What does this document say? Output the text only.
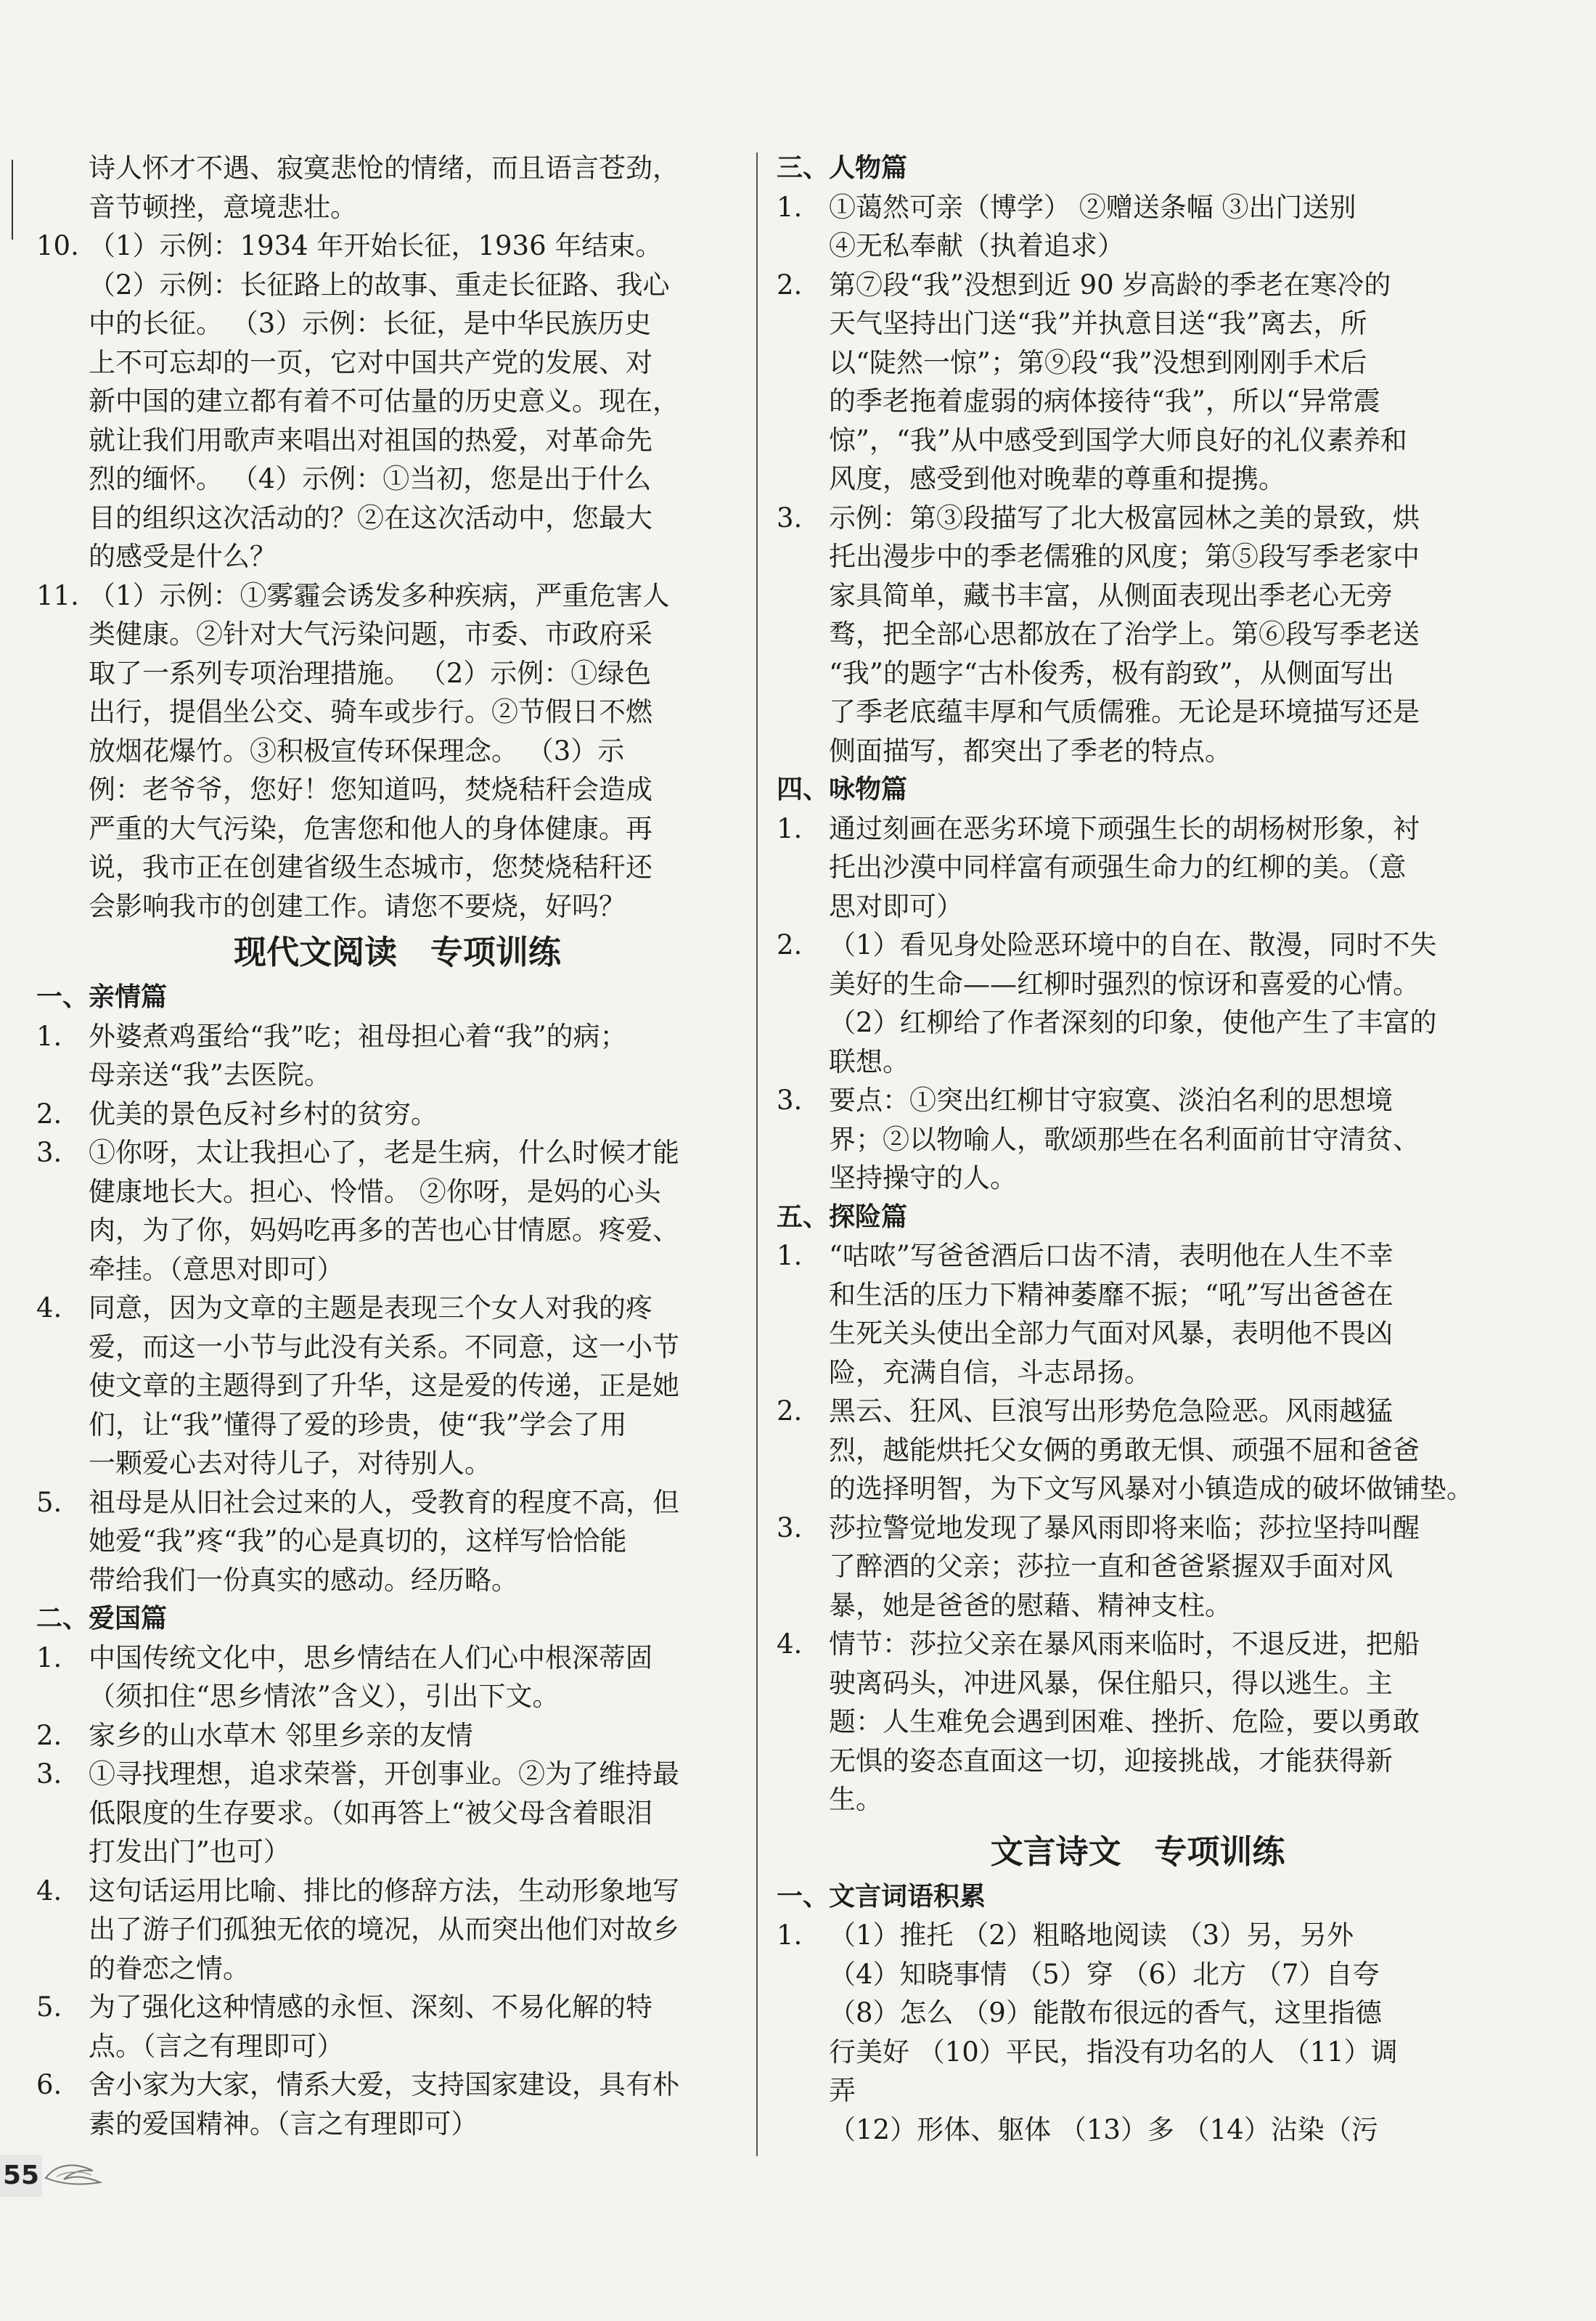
诗人怀才不遇、寂寞悲怆的情绪，而且语言苍劲，

音节顿挫，意境悲壮。

10. （1）示例：1934 年开始长征，1936 年结束。

（2）示例：长征路上的故事、重走长征路、我心

中的长征。 （3）示例：长征，是中华民族历史

上不可忘却的一页，它对中国共产党的发展、对

新中国的建立都有着不可估量的历史意义。现在，

就让我们用歌声来唱出对祖国的热爱，对革命先

烈的缅怀。 （4）示例：①当初，您是出于什么

目的组织这次活动的？②在这次活动中，您最大

的感受是什么？

11. （1）示例：①雾霾会诱发多种疾病，严重危害人

类健康。②针对大气污染问题，市委、市政府采

取了一系列专项治理措施。 （2）示例：①绿色

出行，提倡坐公交、骑车或步行。②节假日不燃

放烟花爆竹。③积极宣传环保理念。 （3）示

例：老爷爷，您好！您知道吗，焚烧秸秆会造成

严重的大气污染，危害您和他人的身体健康。再

说，我市正在创建省级生态城市，您焚烧秸秆还

会影响我市的创建工作。请您不要烧，好吗？

现代文阅读 专项训练
一、亲情篇

1. 外婆煮鸡蛋给“我”吃；祖母担心着“我”的病；

母亲送“我”去医院。

2. 优美的景色反衬乡村的贫穷。

3. ①你呀，太让我担心了，老是生病，什么时候才能

健康地长大。担心、怜惜。 ②你呀，是妈的心头

肉，为了你，妈妈吃再多的苦也心甘情愿。疼爱、

牵挂。（意思对即可）

4. 同意，因为文章的主题是表现三个女人对我的疼

爱，而这一小节与此没有关系。不同意，这一小节

使文章的主题得到了升华，这是爱的传递，正是她

们，让“我”懂得了爱的珍贵，使“我”学会了用

一颗爱心去对待儿子，对待别人。

5. 祖母是从旧社会过来的人，受教育的程度不高，但

她爱“我”疼“我”的心是真切的，这样写恰恰能

带给我们一份真实的感动。经历略。

二、爱国篇

1. 中国传统文化中，思乡情结在人们心中根深蒂固

（须扣住“思乡情浓”含义），引出下文。

2. 家乡的山水草木 邻里乡亲的友情

3. ①寻找理想，追求荣誉，开创事业。②为了维持最

低限度的生存要求。（如再答上“被父母含着眼泪

打发出门”也可）

4. 这句话运用比喻、排比的修辞方法，生动形象地写

出了游子们孤独无依的境况，从而突出他们对故乡

的眷恋之情。

5. 为了强化这种情感的永恒、深刻、不易化解的特

点。（言之有理即可）

6. 舍小家为大家，情系大爱，支持国家建设，具有朴

素的爱国精神。（言之有理即可）

三、人物篇

1. ①蔼然可亲（博学） ②赠送条幅 ③出门送别

④无私奉献（执着追求）

2. 第⑦段“我”没想到近 90 岁高龄的季老在寒冷的

天气坚持出门送“我”并执意目送“我”离去，所

以“陡然一惊”；第⑨段“我”没想到刚刚手术后

的季老拖着虚弱的病体接待“我”，所以“异常震

惊”，“我”从中感受到国学大师良好的礼仪素养和

风度，感受到他对晚辈的尊重和提携。

3. 示例：第③段描写了北大极富园林之美的景致，烘

托出漫步中的季老儒雅的风度；第⑤段写季老家中

家具简单，藏书丰富，从侧面表现出季老心无旁

骛，把全部心思都放在了治学上。第⑥段写季老送

“我”的题字“古朴俊秀，极有韵致”，从侧面写出

了季老底蕴丰厚和气质儒雅。无论是环境描写还是

侧面描写，都突出了季老的特点。

四、咏物篇

1. 通过刻画在恶劣环境下顽强生长的胡杨树形象，衬

托出沙漠中同样富有顽强生命力的红柳的美。（意

思对即可）

2. （1）看见身处险恶环境中的自在、散漫，同时不失

美好的生命——红柳时强烈的惊讶和喜爱的心情。

（2）红柳给了作者深刻的印象，使他产生了丰富的

联想。

3. 要点：①突出红柳甘守寂寞、淡泊名利的思想境

界；②以物喻人，歌颂那些在名利面前甘守清贫、

坚持操守的人。

五、探险篇

1. “咕哝”写爸爸酒后口齿不清，表明他在人生不幸

和生活的压力下精神萎靡不振；“吼”写出爸爸在

生死关头使出全部力气面对风暴，表明他不畏凶

险，充满自信，斗志昂扬。

2. 黑云、狂风、巨浪写出形势危急险恶。风雨越猛

烈，越能烘托父女俩的勇敢无惧、顽强不屈和爸爸

的选择明智，为下文写风暴对小镇造成的破坏做铺垫。

3. 莎拉警觉地发现了暴风雨即将来临；莎拉坚持叫醒

了醉酒的父亲；莎拉一直和爸爸紧握双手面对风

暴，她是爸爸的慰藉、精神支柱。

4. 情节：莎拉父亲在暴风雨来临时，不退反进，把船

驶离码头，冲进风暴，保住船只，得以逃生。主

题：人生难免会遇到困难、挫折、危险，要以勇敢

无惧的姿态直面这一切，迎接挑战，才能获得新

生。

文言诗文 专项训练
一、文言词语积累

1. （1）推托 （2）粗略地阅读 （3）另，另外

（4）知晓事情 （5）穿 （6）北方 （7）自夸

（8）怎么 （9）能散布很远的香气，这里指德

行美好 （10）平民，指没有功名的人 （11）调

弄

（12）形体、躯体 （13）多 （14）沾染（污

55
